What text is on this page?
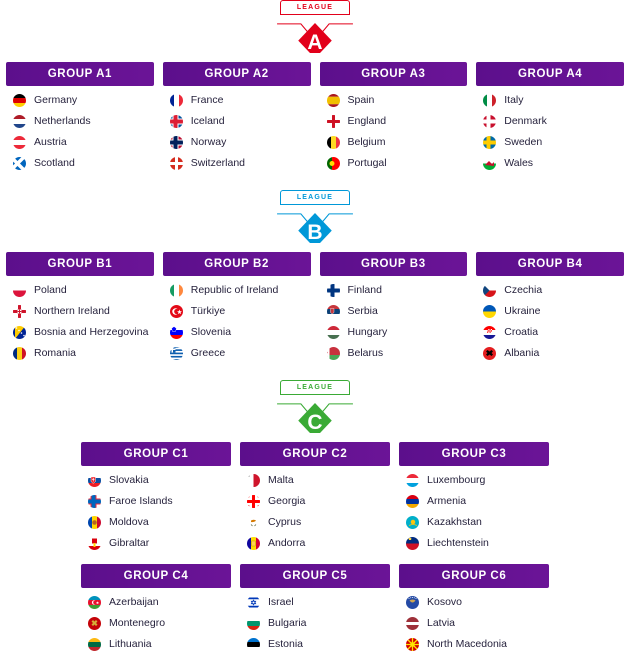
LEAGUE
A
GROUP A1
Germany
Netherlands
Austria
Scotland
GROUP A2
France
Iceland
Norway
Switzerland
GROUP A3
Spain
England
Belgium
Portugal
GROUP A4
Italy
Denmark
Sweden
Wales
LEAGUE
B
GROUP B1
Poland
Northern Ireland
Bosnia and Herzegovina
Romania
GROUP B2
Republic of Ireland
Türkiye
Slovenia
Greece
GROUP B3
Finland
Serbia
Hungary
Belarus
GROUP B4
Czechia
Ukraine
Croatia
Albania
LEAGUE
C
GROUP C1
Slovakia
Faroe Islands
Moldova
Gibraltar
GROUP C2
Malta
Georgia
Cyprus
Andorra
GROUP C3
Luxembourg
Armenia
Kazakhstan
Liechtenstein
GROUP C4
Azerbaijan
Montenegro
Lithuania
GROUP C5
Israel
Bulgaria
Estonia
GROUP C6
Kosovo
Latvia
North Macedonia
